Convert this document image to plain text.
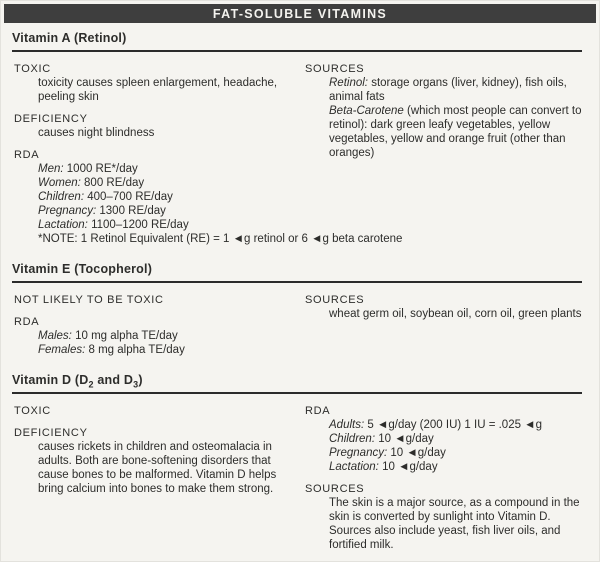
FAT-SOLUBLE VITAMINS
Vitamin A (Retinol)
TOXIC
toxicity causes spleen enlargement, headache, peeling skin
DEFICIENCY
causes night blindness
RDA
Men: 1000 RE*/day
Women: 800 RE/day
Children: 400–700 RE/day
Pregnancy: 1300 RE/day
Lactation: 1100–1200 RE/day
*NOTE: 1 Retinol Equivalent (RE) = 1 ◄g retinol or 6 ◄g beta carotene
SOURCES
Retinol: storage organs (liver, kidney), fish oils, animal fats
Beta-Carotene (which most people can convert to retinol): dark green leafy vegetables, yellow vegetables, yellow and orange fruit (other than oranges)
Vitamin E (Tocopherol)
NOT LIKELY TO BE TOXIC
RDA
Males: 10 mg alpha TE/day
Females: 8 mg alpha TE/day
SOURCES
wheat germ oil, soybean oil, corn oil, green plants
Vitamin D ($D_2$ and $D_3$)
TOXIC
DEFICIENCY
causes rickets in children and osteomalacia in adults. Both are bone-softening disorders that cause bones to be malformed. Vitamin D helps bring calcium into bones to make them strong.
RDA
Adults: 5 ◄g/day (200 IU) 1 IU = .025 ◄g
Children: 10 ◄g/day
Pregnancy: 10 ◄g/day
Lactation: 10 ◄g/day
SOURCES
The skin is a major source, as a compound in the skin is converted by sunlight into Vitamin D. Sources also include yeast, fish liver oils, and fortified milk.
